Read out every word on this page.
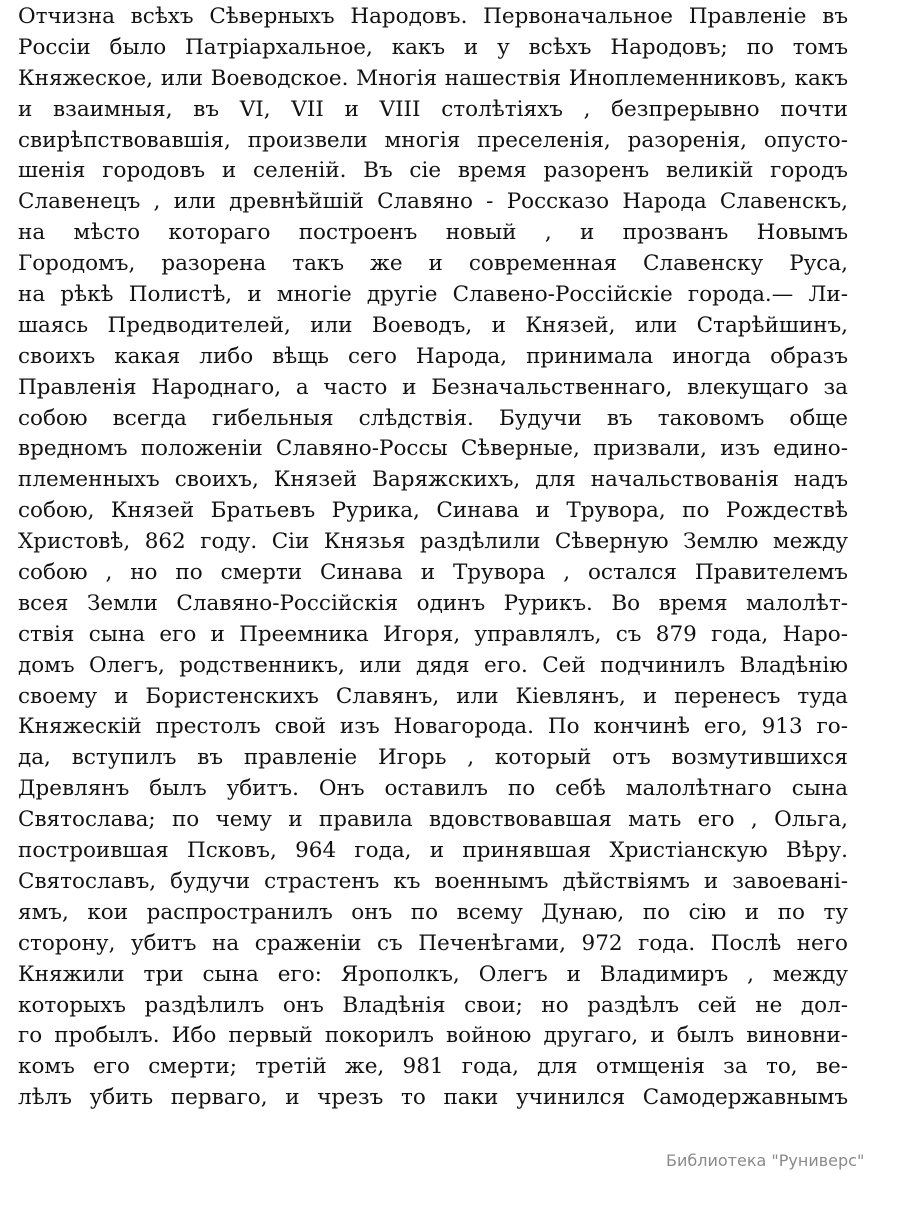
Отчизна всѣхъ Сѣверныхъ Народовъ. Первоначальное Правленіе въ
Россіи было Патріархальное, какъ и у всѣхъ Народовъ; по томъ
Княжеское, или Воеводское. Многія нашествія Иноплеменниковъ, какъ
и взаимныя, въ VI, VII и VIII столѣтіяхъ , безпрерывно почти
свирѣпствовавшія, произвели многія преселенія, разоренія, опусто-
шенія городовъ и селеній. Въ сіе время разоренъ великій городъ
Славенецъ , или древнѣйшій Славяно - Россказо Народа Славенскъ,
на мѣсто котораго построенъ новый , и прозванъ Новымъ
Городомъ, разорена такъ же и современная Славенску Руса,
на рѣкѣ Полистѣ, и многіе другіе Славено-Россійскіе города.— Ли-
шаясь Предводителей, или Воеводъ, и Князей, или Старѣйшинъ,
своихъ какая либо вѣщь сего Народа, принимала иногда образъ
Правленія Народнаго, а часто и Безначальственнаго, влекущаго за
собою всегда гибельныя слѣдствія. Будучи въ таковомъ обще
вредномъ положеніи Славяно-Россы Сѣверные, призвали, изъ едино-
племенныхъ своихъ, Князей Варяжскихъ, для начальствованія надъ
собою, Князей Братьевъ Рурика, Синава и Трувора, по Рождествѣ
Христовѣ, 862 году. Сіи Князья раздѣлили Сѣверную Землю между
собою , но по смерти Синава и Трувора , остался Правителемъ
всея Земли Славяно-Россійскія одинъ Рурикъ. Во время малолѣт-
ствія сына его и Преемника Игоря, управлялъ, съ 879 года, Наро-
домъ Олегъ, родственникъ, или дядя его. Сей подчинилъ Владѣнію
своему и Бористенскихъ Славянъ, или Кіевлянъ, и перенесъ туда
Княжескій престолъ свой изъ Новагорода. По кончинѣ его, 913 го-
да, вступилъ въ правленіе Игорь , который отъ возмутившихся
Древлянъ былъ убитъ. Онъ оставилъ по себѣ малолѣтнаго сына
Святослава; по чему и правила вдовствовавшая мать его , Ольга,
построившая Псковъ, 964 года, и принявшая Христіанскую Вѣру.
Святославъ, будучи страстенъ къ военнымъ дѣйствіямъ и завоевані-
ямъ, кои распространилъ онъ по всему Дунаю, по сію и по ту
сторону, убитъ на сраженіи съ Печенѣгами, 972 года. Послѣ него
Княжили три сына его: Ярополкъ, Олегъ и Владимиръ , между
которыхъ раздѣлилъ онъ Владѣнія свои; но раздѣлъ сей не дол-
го пробылъ. Ибо первый покорилъ войною другаго, и былъ виновни-
комъ его смерти; третій же, 981 года, для отмщенія за то, ве-
лѣлъ убить перваго, и чрезъ то паки учинился Самодержавнымъ
Библиотека "Руниверс"
